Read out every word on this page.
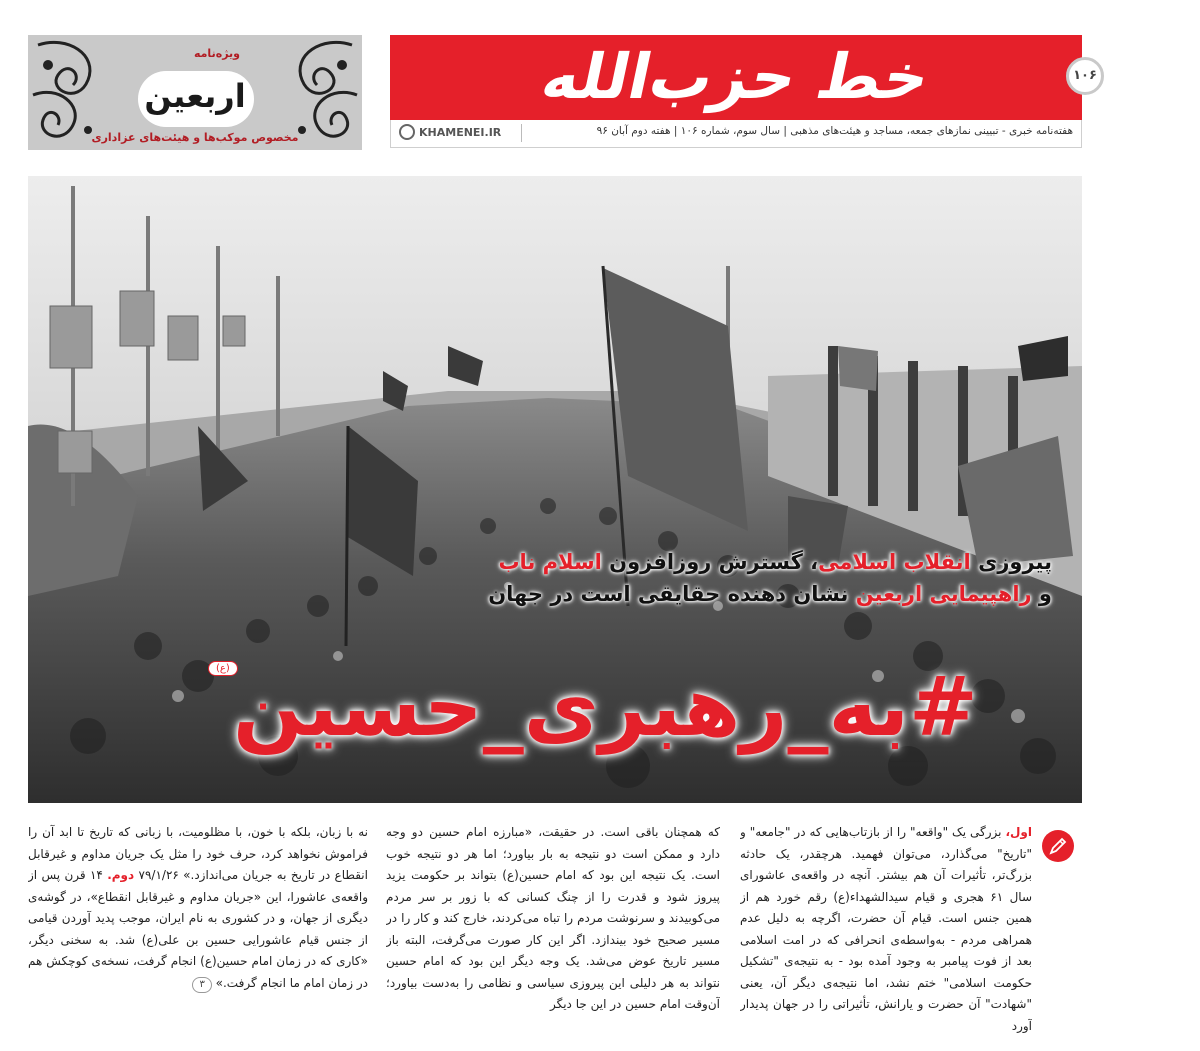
ویژه‌نامه
اربعین
مخصوص موکب‌ها و هیئت‌های عزاداری
خط حزب‌الله	۱۰۶
هفته‌نامه خبری - تبیینی نمازهای جمعه، مساجد و هیئت‌های مذهبی | سال سوم، شماره ۱۰۶ | هفته دوم آبان ۹۶
KHAMENEI.IR
پیروزی انقلاب اسلامی، گسترش روزافزون اسلام ناب
و راهپیمایی اربعین نشان دهنده حقایقی است در جهان
(ع) #به_رهبری_حسین
اول، بزرگی یک "واقعه" را از بازتاب‌هایی که در "جامعه" و "تاریخ" می‌گذارد، می‌توان فهمید. هرچقدر، یک حادثه بزرگ‌تر، تأثیرات آن هم بیشتر. آنچه در واقعه‌ی عاشورای سال ۶۱ هجری و قیام سیدالشهداء(ع) رقم خورد هم از همین جنس است. قیام آن حضرت، اگرچه به دلیل عدم همراهی مردم - به‌واسطه‌ی انحرافی که در امت اسلامی بعد از فوت پیامبر به وجود آمده بود - به نتیجه‌ی "تشکیل حکومت اسلامی" ختم نشد، اما نتیجه‌ی دیگر آن، یعنی "شهادت" آن حضرت و یارانش، تأثیراتی را در جهان پدیدار آورد
که همچنان باقی است. در حقیقت، «مبارزه امام حسین دو وجه دارد و ممکن است دو نتیجه به بار بیاورد؛ اما هر دو نتیجه خوب است. یک نتیجه این بود که امام حسین(ع) بتواند بر حکومت یزید پیروز شود و قدرت را از چنگ کسانی که با زور بر سر مردم می‌کوبیدند و سرنوشت مردم را تباه می‌کردند، خارج کند و کار را در مسیر صحیح خود بیندازد. اگر این کار صورت می‌گرفت، البته باز مسیر تاریخ عوض می‌شد. یک وجه دیگر این بود که امام حسین نتواند به هر دلیلی این پیروزی سیاسی و نظامی را به‌دست بیاورد؛ آن‌وقت امام حسین در این جا دیگر
نه با زبان، بلکه با خون، با مظلومیت، با زبانی که تاریخ تا ابد آن را فراموش نخواهد کرد، حرف خود را مثل یک جریان مداوم و غیرقابل انقطاع در تاریخ به جریان می‌اندازد.» ۷۹/۱/۲۶ دوم. ۱۴ قرن پس از واقعه‌ی عاشورا، این «جریان مداوم و غیرقابل انقطاع»، در گوشه‌ی دیگری از جهان، و در کشوری به نام ایران، موجب پدید آوردن قیامی از جنس قیام عاشورایی حسین بن علی(ع) شد. به سخنی دیگر، «کاری که در زمان امام حسین(ع) انجام گرفت، نسخه‌ی کوچکش هم در زمان امام ما انجام گرفت.» ۳
